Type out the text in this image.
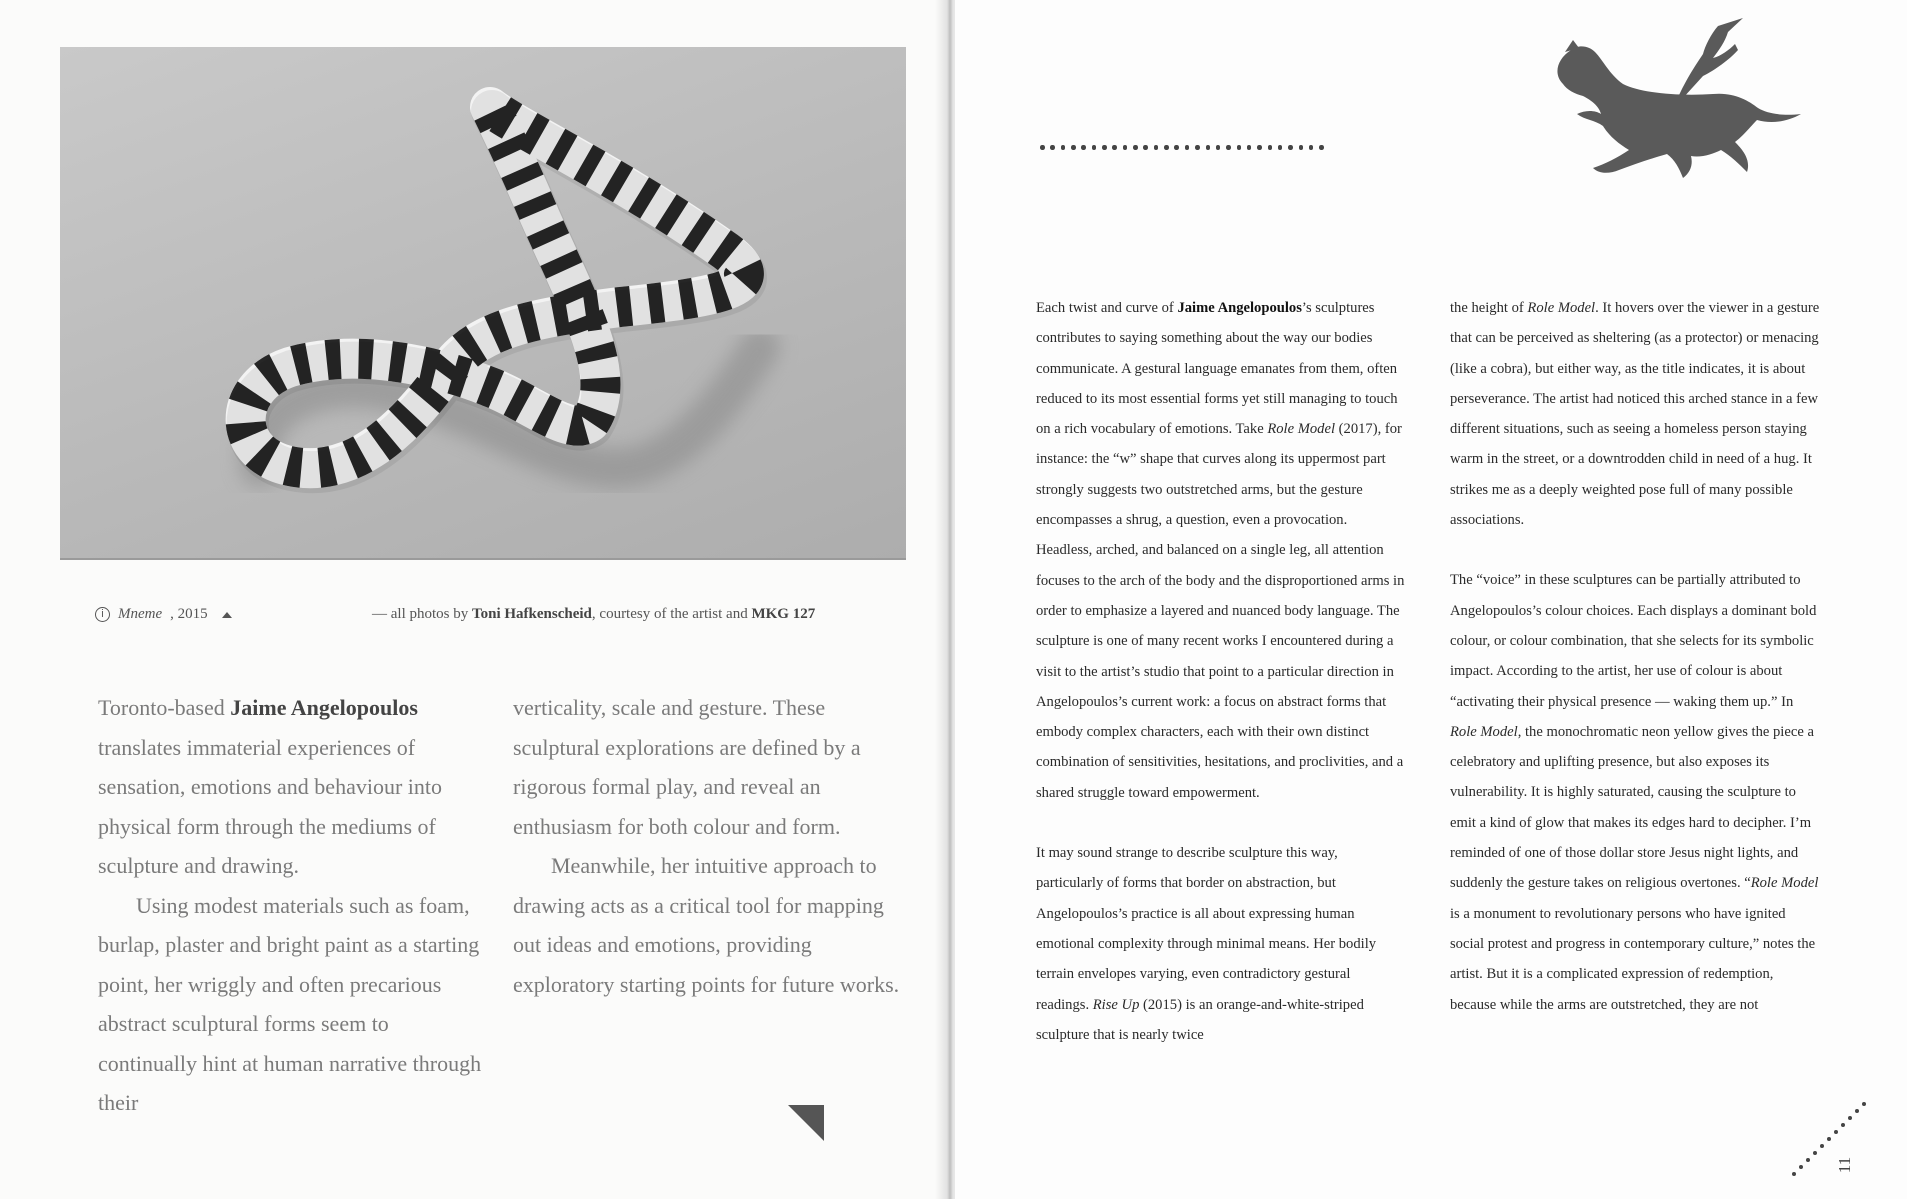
i Mneme , 2015	— all photos by Toni Hafkenscheid, courtesy of the artist and MKG 127

Toronto-based Jaime Angelopoulos translates immaterial experiences of sensation, emotions and behaviour into physical form through the mediums of sculpture and drawing.

Using modest materials such as foam, burlap, plaster and bright paint as a starting point, her wriggly and often precarious abstract sculptural forms seem to continually hint at human narrative through their

verticality, scale and gesture. These sculptural explorations are defined by a rigorous formal play, and reveal an enthusiasm for both colour and form.

Meanwhile, her intuitive approach to drawing acts as a critical tool for mapping out ideas and emotions, providing exploratory starting points for future works.

Each twist and curve of Jaime Angelopoulos’s sculptures contributes to saying something about the way our bodies communicate. A gestural language emanates from them, often reduced to its most essential forms yet still managing to touch on a rich vocabulary of emotions. Take Role Model (2017), for instance: the “w” shape that curves along its uppermost part strongly suggests two outstretched arms, but the gesture encompasses a shrug, a question, even a provocation. Headless, arched, and balanced on a single leg, all attention focuses to the arch of the body and the disproportioned arms in order to emphasize a layered and nuanced body language. The sculpture is one of many recent works I encountered during a visit to the artist’s studio that point to a particular direction in Angelopoulos’s current work: a focus on abstract forms that embody complex characters, each with their own distinct combination of sensitivities, hesitations, and proclivities, and a shared struggle toward empowerment.

It may sound strange to describe sculpture this way, particularly of forms that border on abstraction, but Angelopoulos’s practice is all about expressing human emotional complexity through minimal means. Her bodily terrain envelopes varying, even contradictory gestural readings. Rise Up (2015) is an orange-and-white-striped sculpture that is nearly twice

the height of Role Model. It hovers over the viewer in a gesture that can be perceived as sheltering (as a protector) or menacing (like a cobra), but either way, as the title indicates, it is about perseverance. The artist had noticed this arched stance in a few different situations, such as seeing a homeless person staying warm in the street, or a downtrodden child in need of a hug. It strikes me as a deeply weighted pose full of many possible associations.

The “voice” in these sculptures can be partially attributed to Angelopoulos’s colour choices. Each displays a dominant bold colour, or colour combination, that she selects for its symbolic impact. According to the artist, her use of colour is about “activating their physical presence — waking them up.” In Role Model, the monochromatic neon yellow gives the piece a celebratory and uplifting presence, but also exposes its vulnerability. It is highly saturated, causing the sculpture to emit a kind of glow that makes its edges hard to decipher. I’m reminded of one of those dollar store Jesus night lights, and suddenly the gesture takes on religious overtones. “Role Model is a monument to revolutionary persons who have ignited social protest and progress in contemporary culture,” notes the artist. But it is a complicated expression of redemption, because while the arms are outstretched, they are not

11
